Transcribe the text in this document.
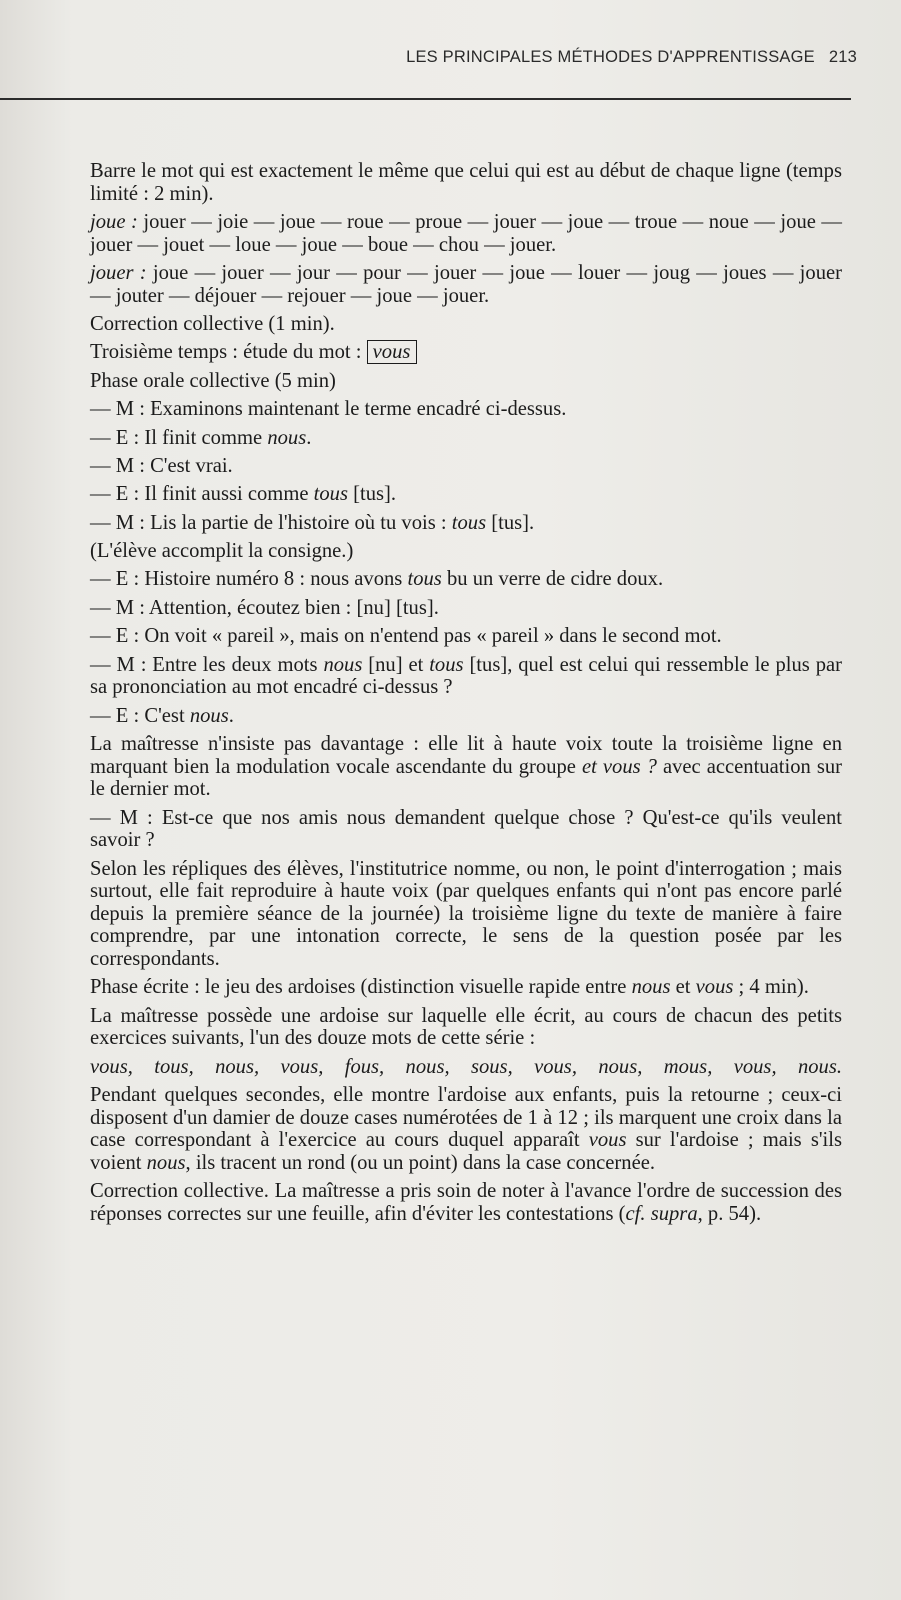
LES PRINCIPALES MÉTHODES D'APPRENTISSAGE 213

Barre le mot qui est exactement le même que celui qui est au début de chaque ligne (temps limité : 2 min).

joue : jouer — joie — joue — roue — proue — jouer — joue — troue — noue — joue — jouer — jouet — loue — joue — boue — chou — jouer.

jouer : joue — jouer — jour — pour — jouer — joue — louer — joug — joues — jouer — jouter — déjouer — rejouer — joue — jouer.

Correction collective (1 min).

Troisième temps : étude du mot : vous

Phase orale collective (5 min)

— M : Examinons maintenant le terme encadré ci-dessus.

— E : Il finit comme nous.

— M : C'est vrai.

— E : Il finit aussi comme tous [tus].

— M : Lis la partie de l'histoire où tu vois : tous [tus].

(L'élève accomplit la consigne.)

— E : Histoire numéro 8 : nous avons tous bu un verre de cidre doux.

— M : Attention, écoutez bien : [nu] [tus].

— E : On voit « pareil », mais on n'entend pas « pareil » dans le second mot.

— M : Entre les deux mots nous [nu] et tous [tus], quel est celui qui ressemble le plus par sa prononciation au mot encadré ci-dessus ?

— E : C'est nous.

La maîtresse n'insiste pas davantage : elle lit à haute voix toute la troisième ligne en marquant bien la modulation vocale ascendante du groupe et vous ? avec accentuation sur le dernier mot.

— M : Est-ce que nos amis nous demandent quelque chose ? Qu'est-ce qu'ils veulent savoir ?

Selon les répliques des élèves, l'institutrice nomme, ou non, le point d'interrogation ; mais surtout, elle fait reproduire à haute voix (par quelques enfants qui n'ont pas encore parlé depuis la première séance de la journée) la troisième ligne du texte de manière à faire comprendre, par une intonation correcte, le sens de la question posée par les correspondants.

Phase écrite : le jeu des ardoises (distinction visuelle rapide entre nous et vous ; 4 min).

La maîtresse possède une ardoise sur laquelle elle écrit, au cours de chacun des petits exercices suivants, l'un des douze mots de cette série :

vous, tous, nous, vous, fous, nous, sous, vous, nous, mous, vous, nous.

Pendant quelques secondes, elle montre l'ardoise aux enfants, puis la retourne ; ceux-ci disposent d'un damier de douze cases numérotées de 1 à 12 ; ils marquent une croix dans la case correspondant à l'exercice au cours duquel apparaît vous sur l'ardoise ; mais s'ils voient nous, ils tracent un rond (ou un point) dans la case concernée.

Correction collective. La maîtresse a pris soin de noter à l'avance l'ordre de succession des réponses correctes sur une feuille, afin d'éviter les contestations (cf. supra, p. 54).
